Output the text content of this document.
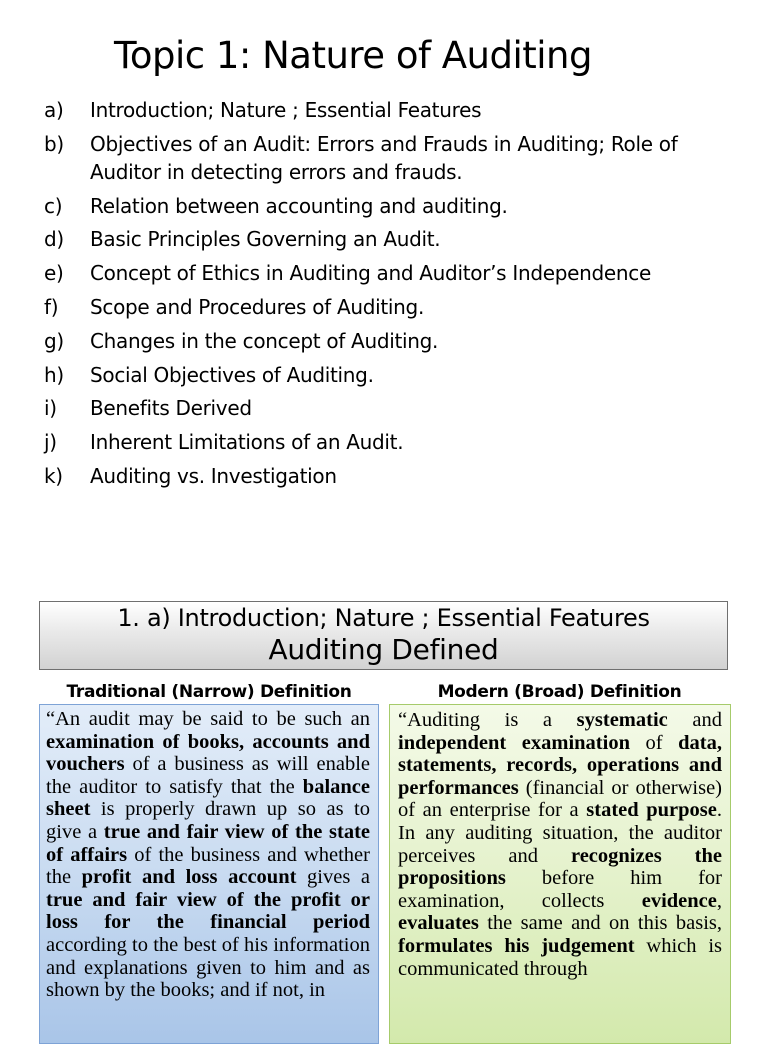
Topic 1: Nature of Auditing
a)	Introduction; Nature ; Essential Features
b)	Objectives of an Audit: Errors and Frauds in Auditing; Role of Auditor in detecting errors and frauds.
c)	Relation between accounting and auditing.
d)	Basic Principles Governing an Audit.
e)	Concept of Ethics in Auditing and Auditor’s Independence
f)	Scope and Procedures of Auditing.
g)	Changes in the concept of Auditing.
h)	Social Objectives of Auditing.
i)	Benefits Derived
j)	Inherent Limitations of an Audit.
k)	Auditing vs. Investigation
1. a) Introduction; Nature ; Essential Features
Auditing Defined
Traditional (Narrow) Definition	Modern (Broad) Definition
“An audit may be said to be such an examination of books, accounts and vouchers of a business as will enable the auditor to satisfy that the balance sheet is properly drawn up so as to give a true and fair view of the state of affairs of the business and whether the profit and loss account gives a true and fair view of the profit or loss for the financial period according to the best of his information and explanations given to him and as shown by the books; and if not, in
“Auditing is a systematic and independent examination of data, statements, records, operations and performances (financial or otherwise) of an enterprise for a stated purpose. In any auditing situation, the auditor perceives and recognizes the propositions before him for examination, collects evidence, evaluates the same and on this basis, formulates his judgement which is communicated through
